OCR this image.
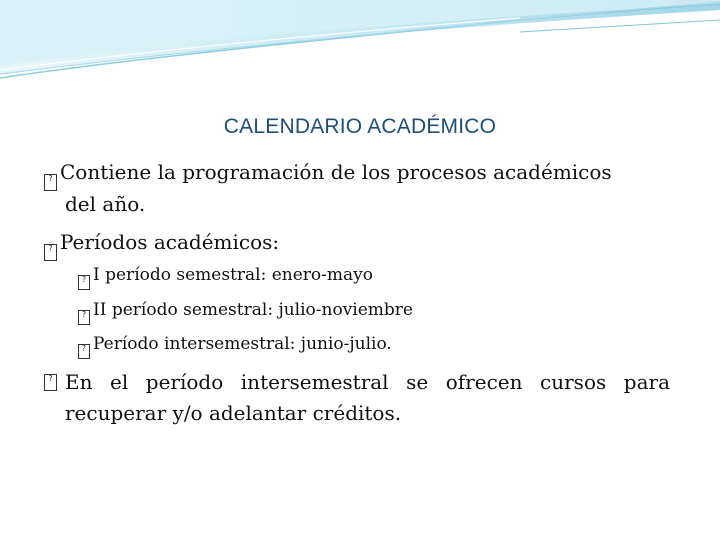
CALENDARIO ACADÉMICO
? Contiene la programación de los procesos académicos
del año.
? Períodos académicos:
? I período semestral: enero-mayo
? II período semestral: julio-noviembre
? Período intersemestral: junio-julio.
? En el período intersemestral se ofrecen cursos para
recuperar y/o adelantar créditos.
